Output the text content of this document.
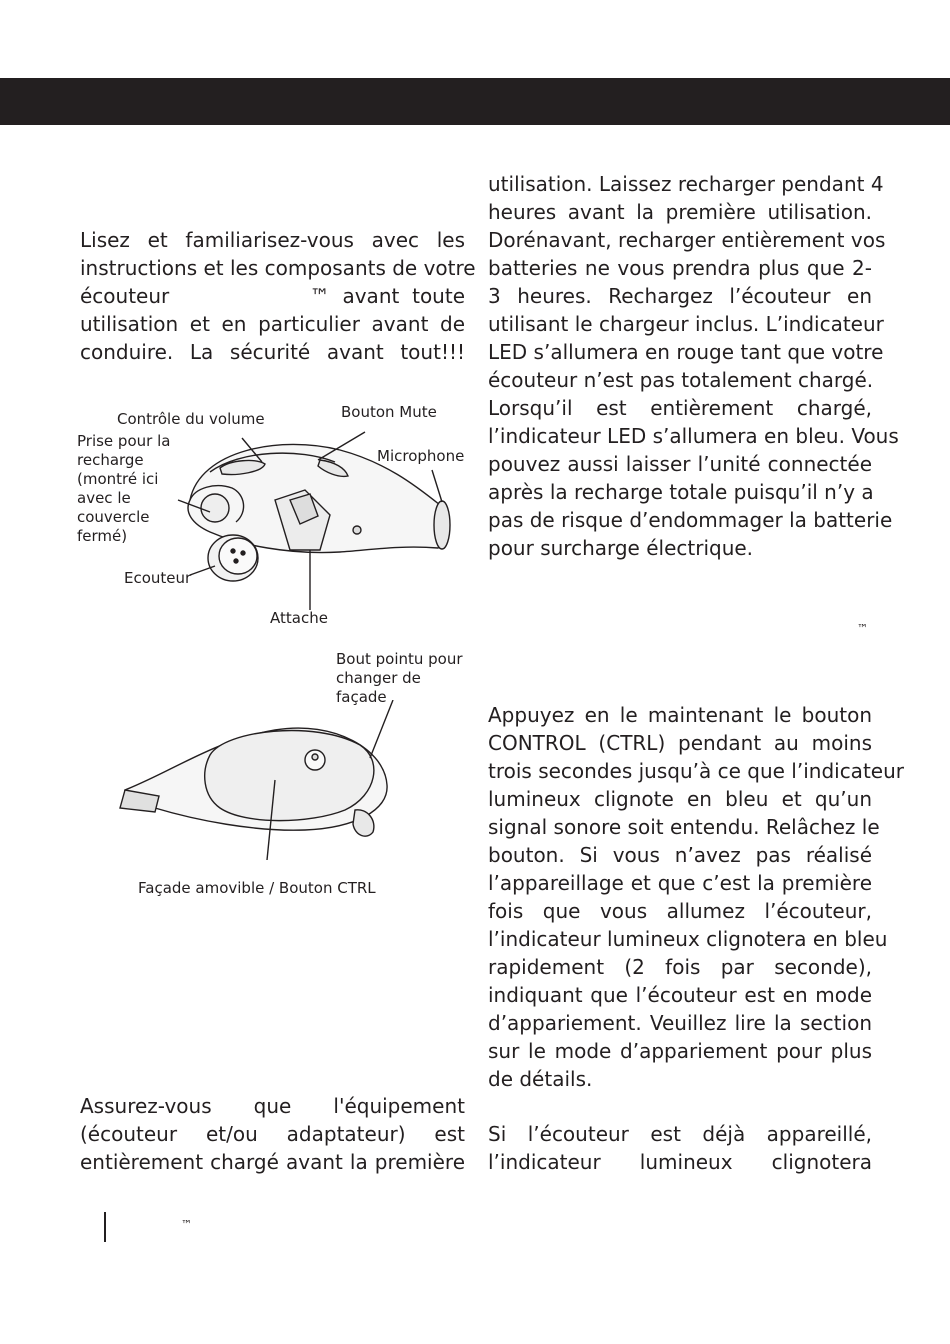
Lisez et familiarisez-vous avec les
instructions et les composants de votre
écouteur           ™ avant toute
utilisation et en particulier avant de
conduire. La sécurité avant tout!!!
Contrôle du volume	Bouton Mute
Prise pour la
recharge
(montré ici
avec le
couvercle
fermé)
Microphone
Ecouteur
Attache
Bout pointu pour
changer de
façade
Façade amovible / Bouton CTRL
Assurez-vous que l'équipement
(écouteur et/ou adaptateur) est
entièrement chargé avant la première
utilisation. Laissez recharger pendant 4
heures avant la première utilisation.
Dorénavant, recharger entièrement vos
batteries ne vous prendra plus que 2-
3 heures. Rechargez l’écouteur en
utilisant le chargeur inclus. L’indicateur
LED s’allumera en rouge tant que votre
écouteur n’est pas totalement chargé.
Lorsqu’il est entièrement chargé,
l’indicateur LED s’allumera en bleu. Vous
pouvez aussi laisser l’unité connectée
après la recharge totale puisqu’il n’y a
pas de risque d’endommager la batterie
pour surcharge électrique.
™
Appuyez en le maintenant le bouton
CONTROL (CTRL) pendant au moins
trois secondes jusqu’à ce que l’indicateur
lumineux clignote en bleu et qu’un
signal sonore soit entendu. Relâchez le
bouton. Si vous n’avez pas réalisé
l’appareillage et que c’est la première
fois que vous allumez l’écouteur,
l’indicateur lumineux clignotera en bleu
rapidement (2 fois par seconde),
indiquant que l’écouteur est en mode
d’appariement. Veuillez lire la section
sur le mode d’appariement pour plus
de détails.
Si l’écouteur est déjà appareillé,
l’indicateur lumineux clignotera
™
